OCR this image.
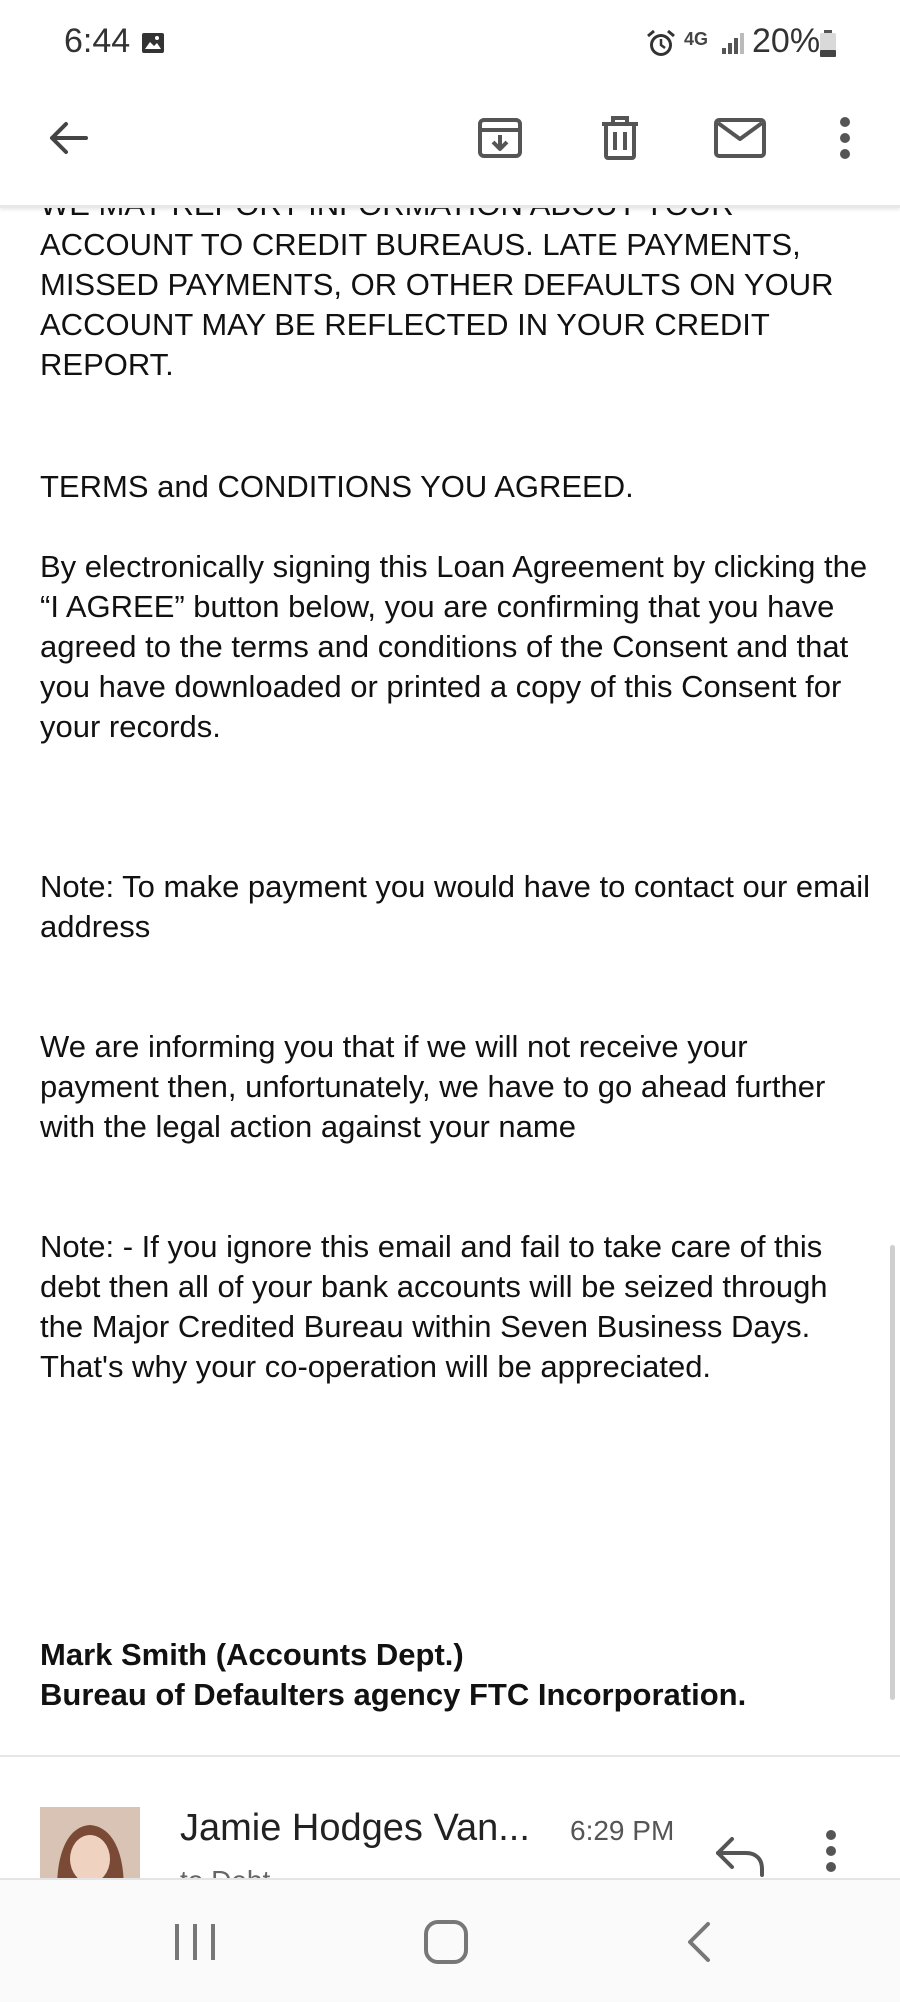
6:44	4G 20%

ACCOUNT TO CREDIT BUREAUS. LATE PAYMENTS, MISSED PAYMENTS, OR OTHER DEFAULTS ON YOUR ACCOUNT MAY BE REFLECTED IN YOUR CREDIT REPORT.

TERMS and CONDITIONS YOU AGREED.

By electronically signing this Loan Agreement by clicking the “I AGREE” button below, you are confirming that you have agreed to the terms and conditions of the Consent and that you have downloaded or printed a copy of this Consent for your records.

Note: To make payment you would have to contact our email address

We are informing you that if we will not receive your payment then, unfortunately, we have to go ahead further with the legal action against your name

Note: - If you ignore this email and fail to take care of this debt then all of your bank accounts will be seized through the Major Credited Bureau within Seven Business Days. That's why your co-operation will be appreciated.

Mark Smith (Accounts Dept.)
Bureau of Defaulters agency FTC Incorporation.
Jamie Hodges Van... 6:29 PM
